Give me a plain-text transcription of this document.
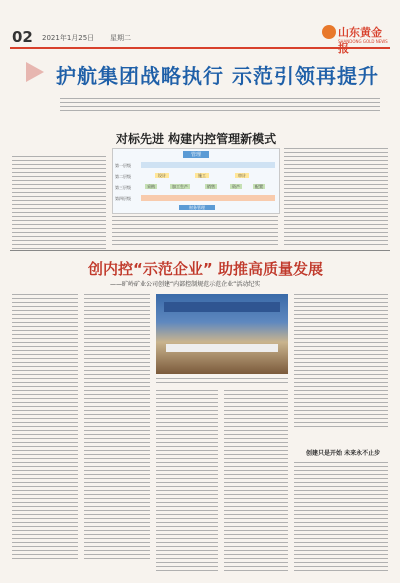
02 2021年1月25日 星期二	山东黄金
SHANDONG GOLD NEWS
护航集团战略执行 示范引领再提升
对标先进 构建内控管理新模式
管理
第一层级
第二层级	设计	施工	审计
第三层级	采购	加工生产	销售	资产	配置
第四层级
财务管理
创内控“示范企业” 助推高质量发展
——旷岭矿业公司创建“内部控制规范示范企业”活动纪实
创建只是开始 未来永不止步
